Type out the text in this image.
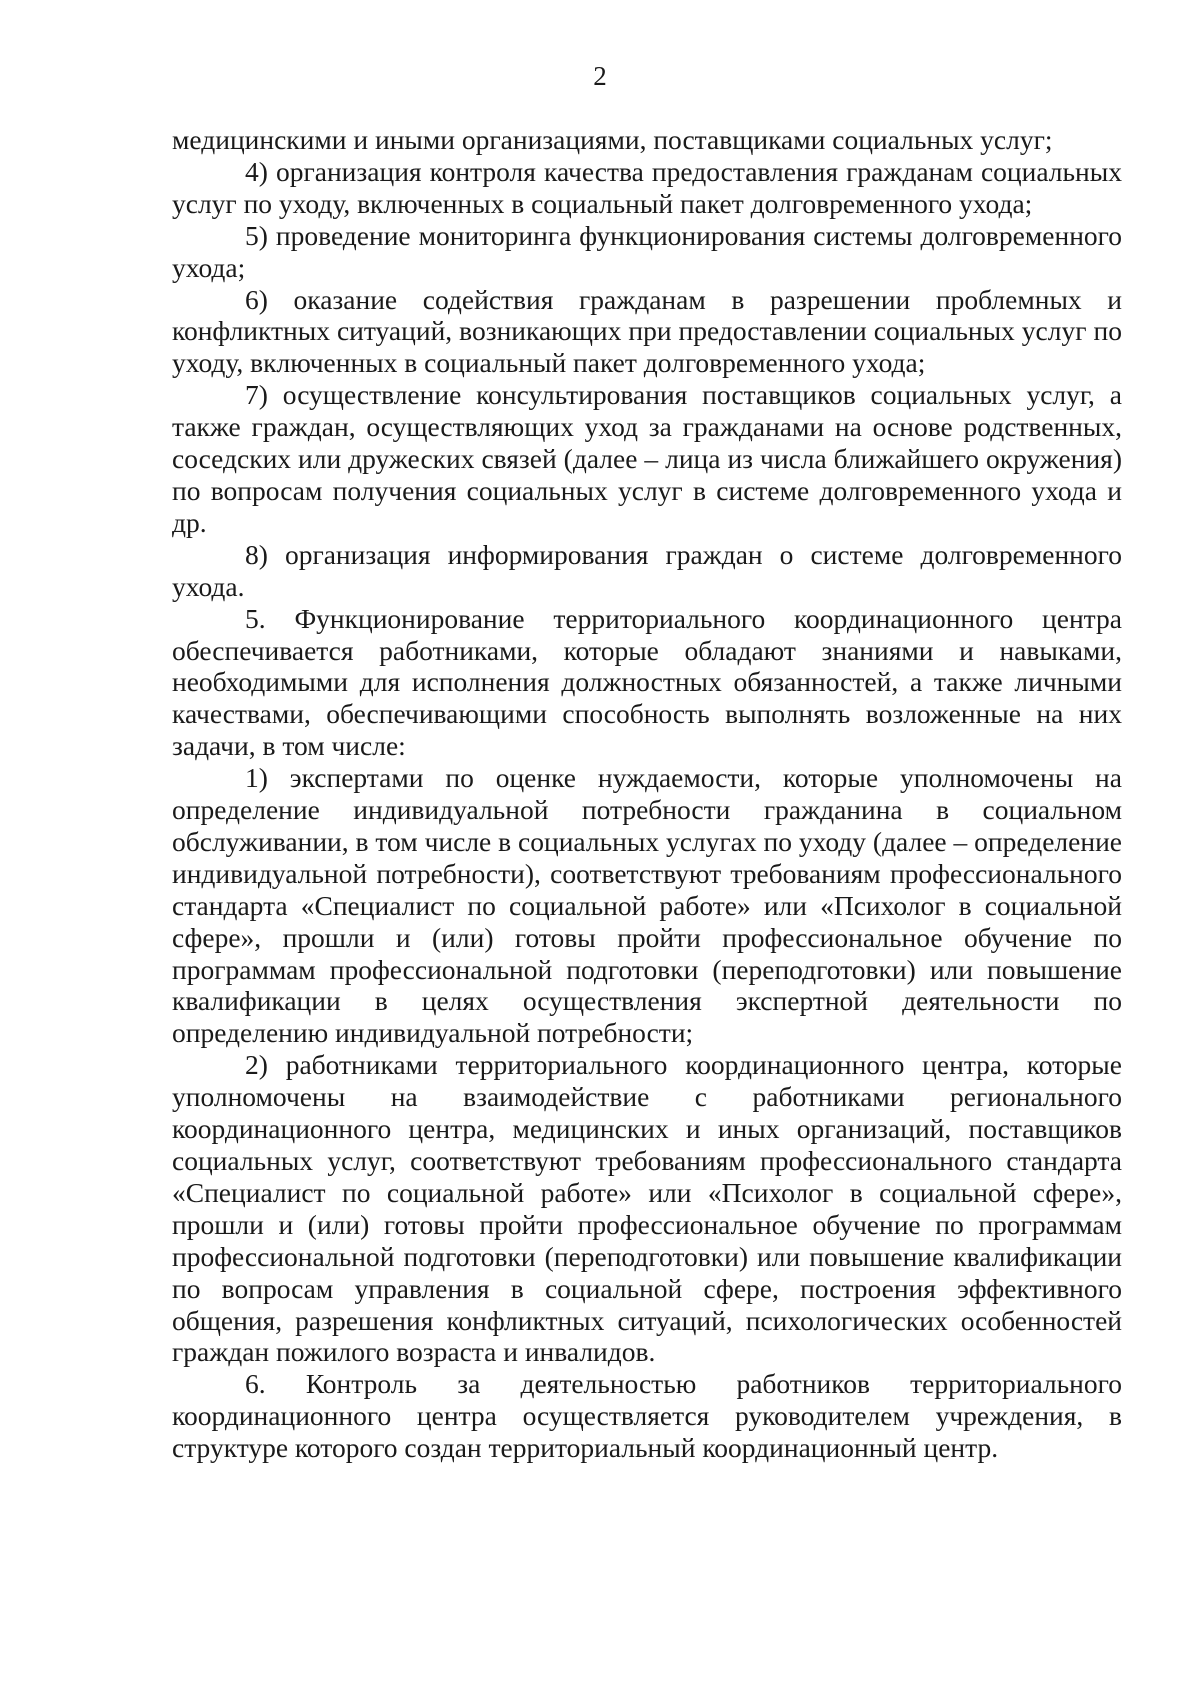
2

медицинскими и иными организациями, поставщиками социальных услуг;

4) организация контроля качества предоставления гражданам социальных услуг по уходу, включенных в социальный пакет долговременного ухода;

5) проведение мониторинга функционирования системы долговременного ухода;

6) оказание содействия гражданам в разрешении проблемных и конфликтных ситуаций, возникающих при предоставлении социальных услуг по уходу, включенных в социальный пакет долговременного ухода;

7) осуществление консультирования поставщиков социальных услуг, а также граждан, осуществляющих уход за гражданами на основе родственных, соседских или дружеских связей (далее – лица из числа ближайшего окружения) по вопросам получения социальных услуг в системе долговременного ухода и др.

8) организация информирования граждан о системе долговременного ухода.

5. Функционирование территориального координационного центра обеспечивается работниками, которые обладают знаниями и навыками, необходимыми для исполнения должностных обязанностей, а также личными качествами, обеспечивающими способность выполнять возложенные на них задачи, в том числе:

1) экспертами по оценке нуждаемости, которые уполномочены на определение индивидуальной потребности гражданина в социальном обслуживании, в том числе в социальных услугах по уходу (далее – определение индивидуальной потребности), соответствуют требованиям профессионального стандарта «Специалист по социальной работе» или «Психолог в социальной сфере», прошли и (или) готовы пройти профессиональное обучение по программам профессиональной подготовки (переподготовки) или повышение квалификации в целях осуществления экспертной деятельности по определению индивидуальной потребности;

2) работниками территориального координационного центра, которые уполномочены на взаимодействие с работниками регионального координационного центра, медицинских и иных организаций, поставщиков социальных услуг, соответствуют требованиям профессионального стандарта «Специалист по социальной работе» или «Психолог в социальной сфере», прошли и (или) готовы пройти профессиональное обучение по программам профессиональной подготовки (переподготовки) или повышение квалификации по вопросам управления в социальной сфере, построения эффективного общения, разрешения конфликтных ситуаций, психологических особенностей граждан пожилого возраста и инвалидов.

6. Контроль за деятельностью работников территориального координационного центра осуществляется руководителем учреждения, в структуре которого создан территориальный координационный центр.
